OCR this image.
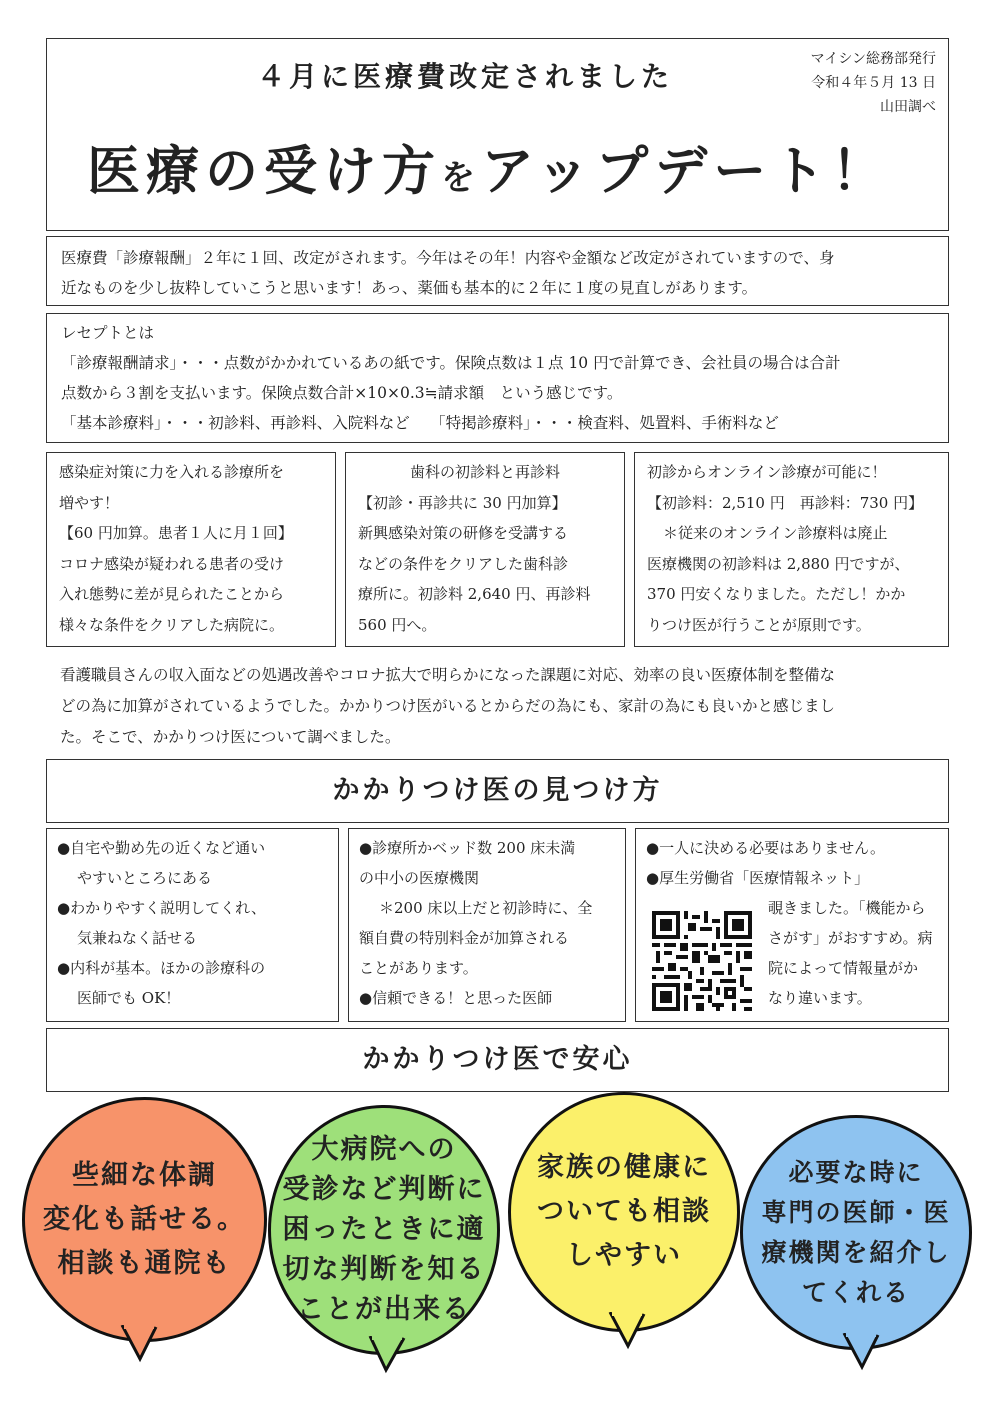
４月に医療費改定されました
マイシン総務部発行
令和４年５月 13 日
山田調べ
医療の受け方をアップデート！
医療費「診療報酬」２年に１回、改定がされます。今年はその年！内容や金額など改定がされていますので、身
近なものを少し抜粋していこうと思います！あっ、薬価も基本的に２年に１度の見直しがあります。
レセプトとは
「診療報酬請求」・・・点数がかかれているあの紙です。保険点数は１点 10 円で計算でき、会社員の場合は合計
点数から３割を支払います。保険点数合計×10×0.3≒請求額　という感じです。
「基本診療料」・・・初診料、再診料、入院料など　 「特掲診療料」・・・検査料、処置料、手術料など
感染症対策に力を入れる診療所を
増やす！
【60 円加算。患者１人に月１回】
コロナ感染が疑われる患者の受け
入れ態勢に差が見られたことから
様々な条件をクリアした病院に。
歯科の初診料と再診料
【初診・再診共に 30 円加算】
新興感染対策の研修を受講する
などの条件をクリアした歯科診
療所に。初診料 2,640 円、再診料
560 円へ。
初診からオンライン診療が可能に！
【初診料：2,510 円　再診料：730 円】
＊従来のオンライン診療料は廃止
医療機関の初診料は 2,880 円ですが、
370 円安くなりました。ただし！かか
りつけ医が行うことが原則です。
看護職員さんの収入面などの処遇改善やコロナ拡大で明らかになった課題に対応、効率の良い医療体制を整備な
どの為に加算がされているようでした。かかりつけ医がいるとからだの為にも、家計の為にも良いかと感じまし
た。そこで、かかりつけ医について調べました。
かかりつけ医の見つけ方
●自宅や勤め先の近くなど通い
やすいところにある
●わかりやすく説明してくれ、
気兼ねなく話せる
●内科が基本。ほかの診療科の
医師でも OK！
●診療所かベッド数 200 床未満
の中小の医療機関
＊200 床以上だと初診時に、全
額自費の特別料金が加算される
ことがあります。
●信頼できる！と思った医師
●一人に決める必要はありません。
●厚生労働省「医療情報ネット」
覗きました。「機能から
さがす」がおすすめ。病
院によって情報量がか
なり違います。
かかりつけ医で安心
些細な体調
変化も話せる。
相談も通院も
大病院への
受診など判断に
困ったときに適
切な判断を知る
ことが出来る
家族の健康に
ついても相談
しやすい
必要な時に
専門の医師・医
療機関を紹介し
てくれる
